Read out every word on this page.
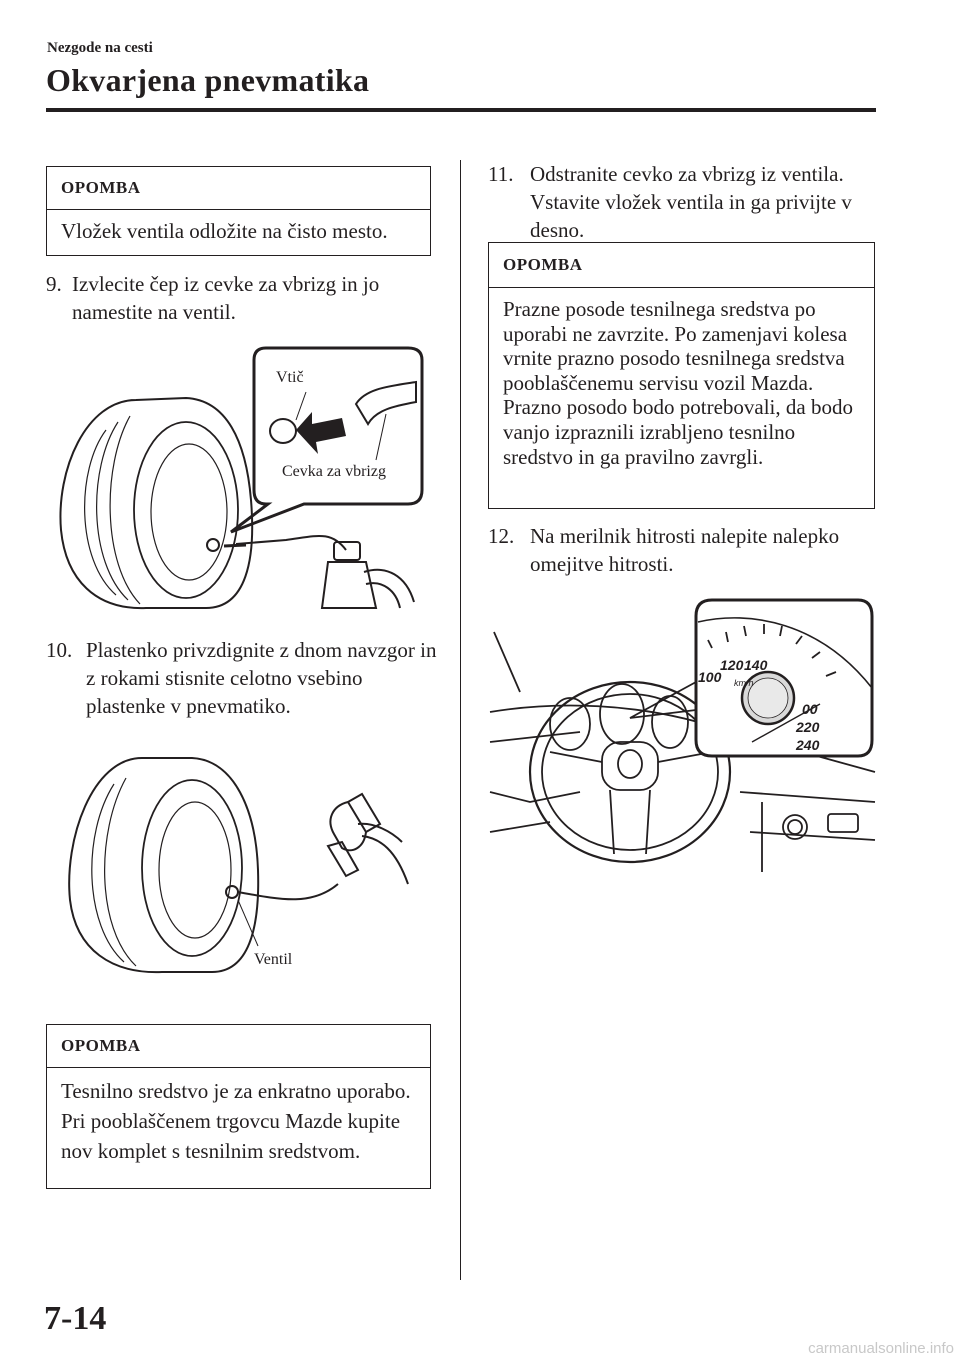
Nezgode na cesti
Okvarjena pnevmatika
OPOMBA
Vložek ventila odložite na čisto mesto.
9. Izvlecite čep iz cevke za vbrizg in jo namestite na ventil.
Vtič
Cevka za vbrizg
10. Plastenko privzdignite z dnom navzgor in z rokami stisnite celotno vsebino plastenke v pnevmatiko.
Ventil
OPOMBA
Tesnilno sredstvo je za enkratno uporabo. Pri pooblaščenem trgovcu Mazde kupite nov komplet s tesnilnim sredstvom.
11. Odstranite cevko za vbrizg iz ventila. Vstavite vložek ventila in ga privijte v desno.
OPOMBA
Prazne posode tesnilnega sredstva po uporabi ne zavrzite. Po zamenjavi kolesa vrnite prazno posodo tesnilnega sredstva pooblaščenemu servisu vozil Mazda. Prazno posodo bodo potrebovali, da bodo vanjo izpraznili izrabljeno tesnilno sredstvo in ga pravilno zavrgli.
12. Na merilnik hitrosti nalepite nalepko omejitve hitrosti.
100
120 140
km/h
00
220
240
7-14
carmanualsonline.info
